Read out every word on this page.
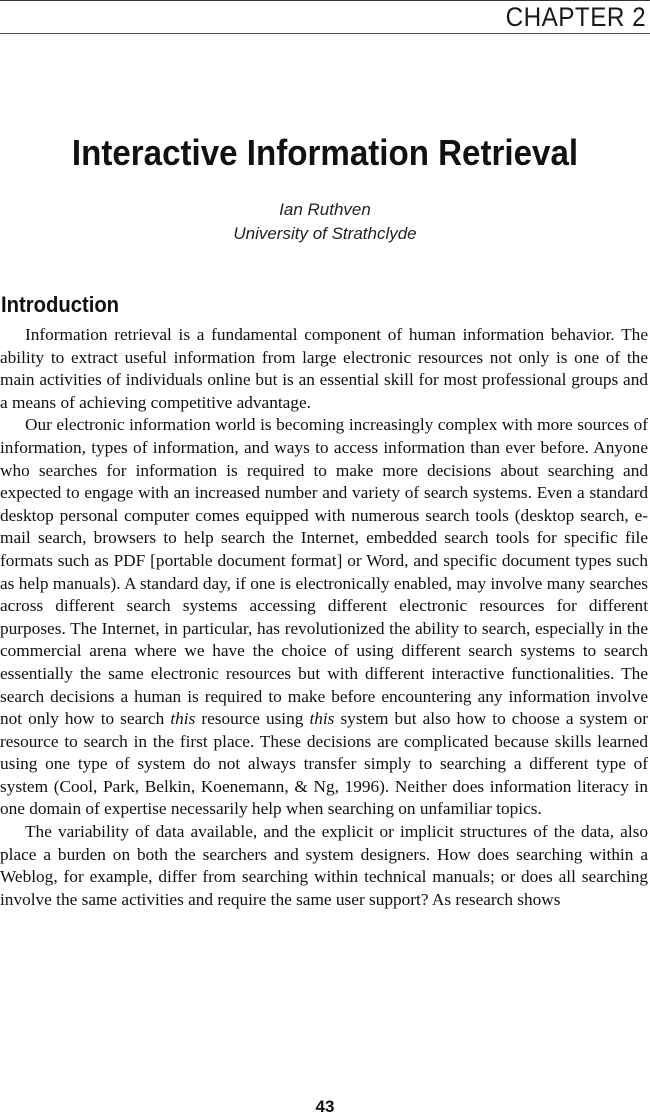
CHAPTER 2
Interactive Information Retrieval
Ian Ruthven
University of Strathclyde
Introduction

Information retrieval is a fundamental component of human information behavior. The ability to extract useful information from large electronic resources not only is one of the main activities of individuals online but is an essential skill for most professional groups and a means of achieving competitive advantage.

Our electronic information world is becoming increasingly complex with more sources of information, types of information, and ways to access information than ever before. Anyone who searches for information is required to make more decisions about searching and expected to engage with an increased number and variety of search systems. Even a standard desktop personal computer comes equipped with numerous search tools (desktop search, e-mail search, browsers to help search the Internet, embedded search tools for specific file formats such as PDF [portable document format] or Word, and specific document types such as help manuals). A standard day, if one is electronically enabled, may involve many searches across different search systems accessing different electronic resources for different purposes. The Internet, in particular, has revolutionized the ability to search, especially in the commercial arena where we have the choice of using different search systems to search essentially the same electronic resources but with different interactive functionalities. The search decisions a human is required to make before encountering any information involve not only how to search this resource using this system but also how to choose a system or resource to search in the first place. These decisions are complicated because skills learned using one type of system do not always transfer simply to searching a different type of system (Cool, Park, Belkin, Koenemann, & Ng, 1996). Neither does information literacy in one domain of expertise necessarily help when searching on unfamiliar topics.

The variability of data available, and the explicit or implicit structures of the data, also place a burden on both the searchers and system designers. How does searching within a Weblog, for example, differ from searching within technical manuals; or does all searching involve the same activities and require the same user support? As research shows

43
